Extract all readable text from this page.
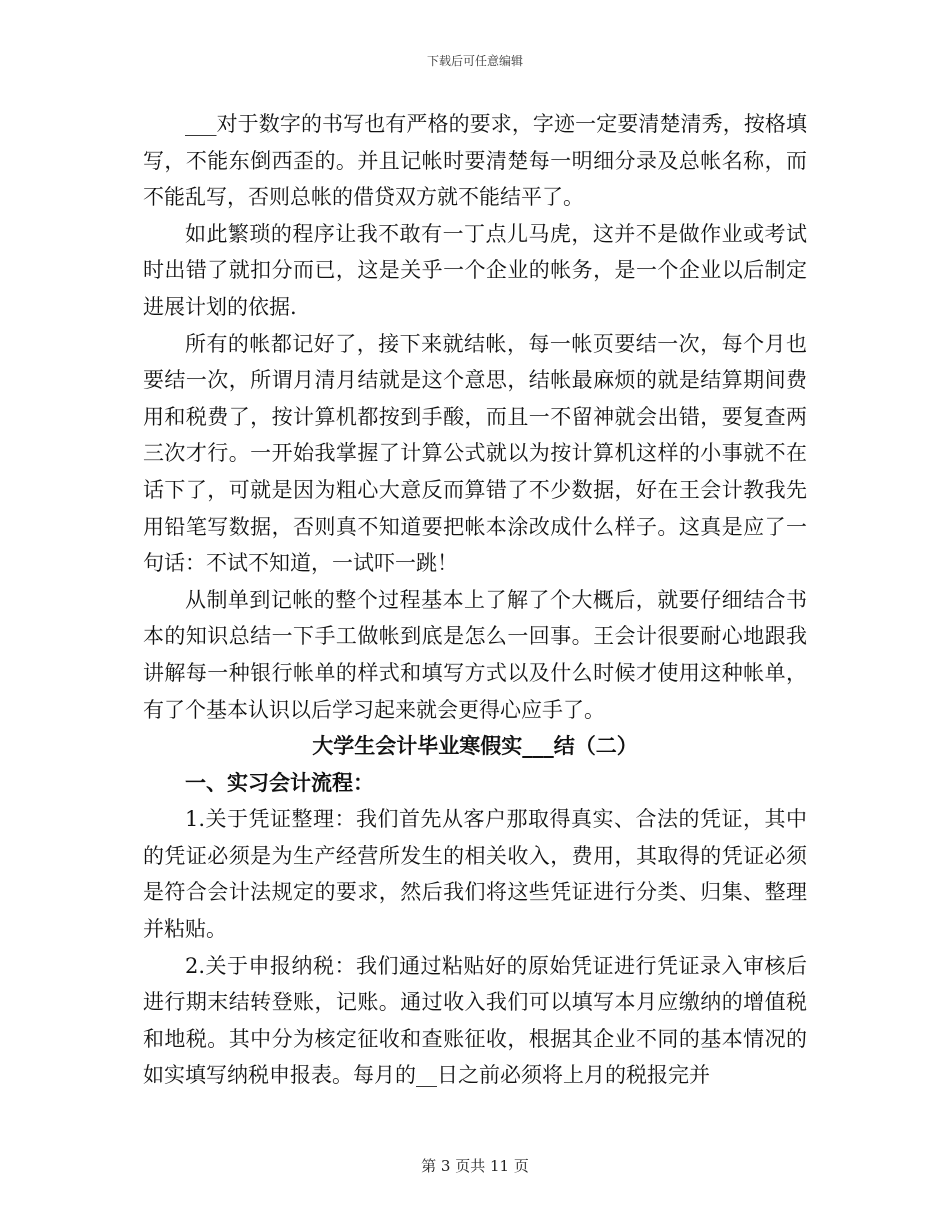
下载后可任意编辑

___对于数字的书写也有严格的要求，字迹一定要清楚清秀，按格填写，不能东倒西歪的。并且记帐时要清楚每一明细分录及总帐名称，而不能乱写，否则总帐的借贷双方就不能结平了。

如此繁琐的程序让我不敢有一丁点儿马虎，这并不是做作业或考试时出错了就扣分而已，这是关乎一个企业的帐务，是一个企业以后制定进展计划的依据.

所有的帐都记好了，接下来就结帐，每一帐页要结一次，每个月也要结一次，所谓月清月结就是这个意思，结帐最麻烦的就是结算期间费用和税费了，按计算机都按到手酸，而且一不留神就会出错，要复查两三次才行。一开始我掌握了计算公式就以为按计算机这样的小事就不在话下了，可就是因为粗心大意反而算错了不少数据，好在王会计教我先用铅笔写数据，否则真不知道要把帐本涂改成什么样子。这真是应了一句话：不试不知道，一试吓一跳！

从制单到记帐的整个过程基本上了解了个大概后，就要仔细结合书本的知识总结一下手工做帐到底是怎么一回事。王会计很要耐心地跟我讲解每一种银行帐单的样式和填写方式以及什么时候才使用这种帐单，有了个基本认识以后学习起来就会更得心应手了。

大学生会计毕业寒假实___结（二）

一、实习会计流程：

1.关于凭证整理：我们首先从客户那取得真实、合法的凭证，其中的凭证必须是为生产经营所发生的相关收入，费用，其取得的凭证必须是符合会计法规定的要求，然后我们将这些凭证进行分类、归集、整理并粘贴。

2.关于申报纳税：我们通过粘贴好的原始凭证进行凭证录入审核后进行期末结转登账，记账。通过收入我们可以填写本月应缴纳的增值税和地税。其中分为核定征收和查账征收，根据其企业不同的基本情况的如实填写纳税申报表。每月的__日之前必须将上月的税报完并

第 3 页共 11 页
